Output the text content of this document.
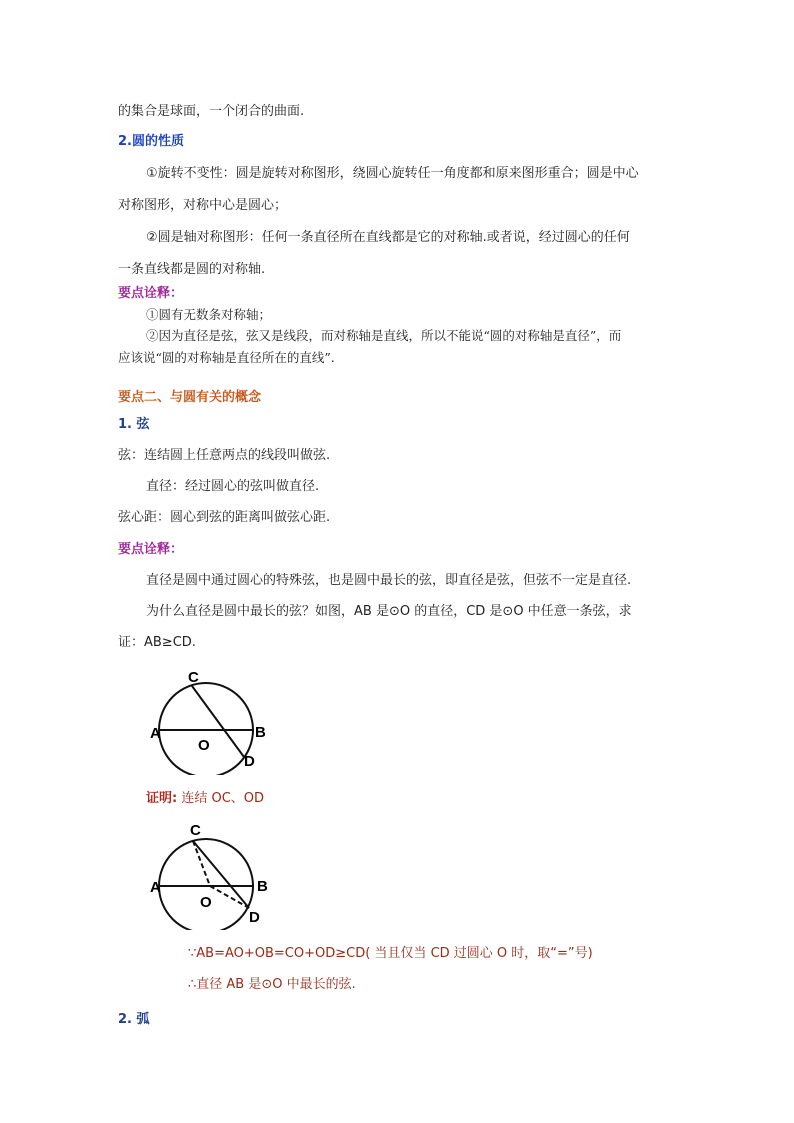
的集合是球面，一个闭合的曲面.
2.圆的性质
①旋转不变性：圆是旋转对称图形，绕圆心旋转任一角度都和原来图形重合；圆是中心
对称图形，对称中心是圆心；
②圆是轴对称图形：任何一条直径所在直线都是它的对称轴.或者说，经过圆心的任何
一条直线都是圆的对称轴.
要点诠释：
①圆有无数条对称轴；
②因为直径是弦，弦又是线段，而对称轴是直线，所以不能说“圆的对称轴是直径”，而
应该说“圆的对称轴是直径所在的直线”.
要点二、与圆有关的概念
1. 弦
弦：连结圆上任意两点的线段叫做弦.
直径：经过圆心的弦叫做直径.
弦心距：圆心到弦的距离叫做弦心距.
要点诠释：
直径是圆中通过圆心的特殊弦，也是圆中最长的弦，即直径是弦，但弦不一定是直径.
为什么直径是圆中最长的弦？如图，AB 是⊙O 的直径，CD 是⊙O 中任意一条弦，求
证：AB≥CD.
C
A	B
O
D
证明: 连结 OC、OD
C
A	B
O
D
∵AB=AO+OB=CO+OD≥CD( 当且仅当 CD 过圆心 O 时，取“=”号)
∴直径 AB 是⊙O 中最长的弦.
2. 弧
